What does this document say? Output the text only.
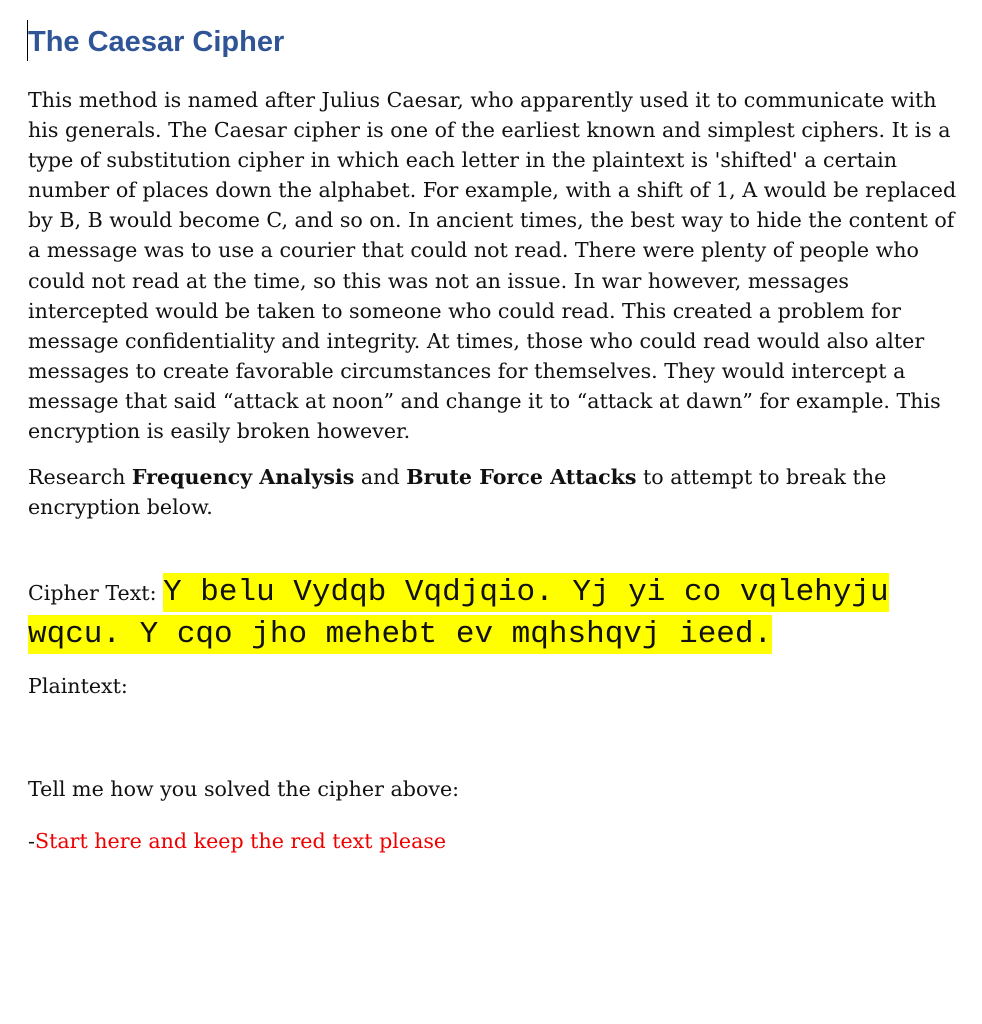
The Caesar Cipher

This method is named after Julius Caesar, who apparently used it to communicate with his generals. The Caesar cipher is one of the earliest known and simplest ciphers. It is a type of substitution cipher in which each letter in the plaintext is 'shifted' a certain number of places down the alphabet. For example, with a shift of 1, A would be replaced by B, B would become C, and so on. In ancient times, the best way to hide the content of a message was to use a courier that could not read. There were plenty of people who could not read at the time, so this was not an issue. In war however, messages intercepted would be taken to someone who could read. This created a problem for message confidentiality and integrity. At times, those who could read would also alter messages to create favorable circumstances for themselves. They would intercept a message that said “attack at noon” and change it to “attack at dawn” for example. This encryption is easily broken however.

Research Frequency Analysis and Brute Force Attacks to attempt to break the encryption below.

Cipher Text: Y belu Vydqb Vqdjqio. Yj yi co vqlehyju wqcu. Y cqo jho mehebt ev mqhshqvj ieed.

Plaintext:

Tell me how you solved the cipher above:

-Start here and keep the red text please
